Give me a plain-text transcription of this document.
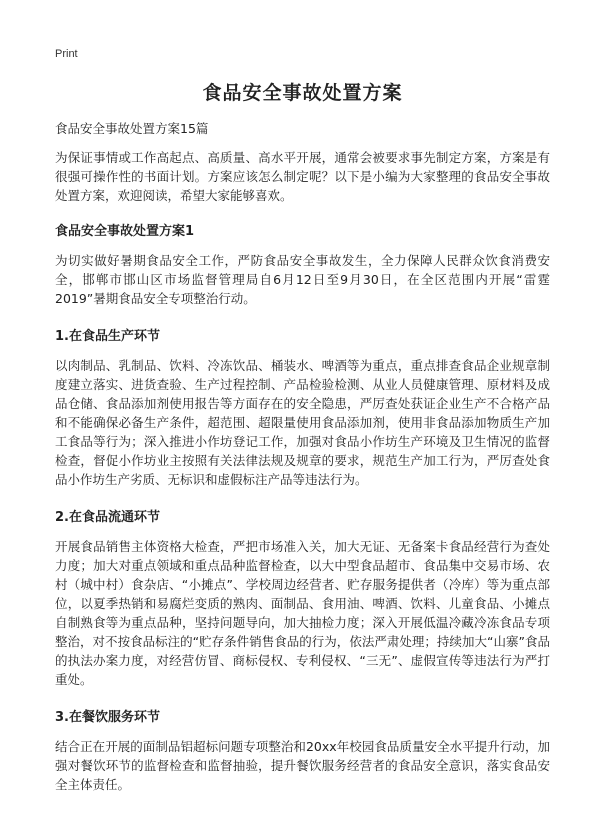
Print
食品安全事故处置方案
食品安全事故处置方案15篇

为保证事情或工作高起点、高质量、高水平开展，通常会被要求事先制定方案，方案是有很强可操作性的书面计划。方案应该怎么制定呢？以下是小编为大家整理的食品安全事故处置方案，欢迎阅读，希望大家能够喜欢。

食品安全事故处置方案1

为切实做好暑期食品安全工作，严防食品安全事故发生，全力保障人民群众饮食消费安全，邯郸市邯山区市场监督管理局自6月12日至9月30日，在全区范围内开展“雷霆2019”暑期食品安全专项整治行动。

1.在食品生产环节

以肉制品、乳制品、饮料、冷冻饮品、桶装水、啤酒等为重点，重点排查食品企业规章制度建立落实、进货查验、生产过程控制、产品检验检测、从业人员健康管理、原材料及成品仓储、食品添加剂使用报告等方面存在的安全隐患，严厉查处获证企业生产不合格产品和不能确保必备生产条件，超范围、超限量使用食品添加剂，使用非食品添加物质生产加工食品等行为；深入推进小作坊登记工作，加强对食品小作坊生产环境及卫生情况的监督检查，督促小作坊业主按照有关法律法规及规章的要求，规范生产加工行为，严厉查处食品小作坊生产劣质、无标识和虚假标注产品等违法行为。

2.在食品流通环节

开展食品销售主体资格大检查，严把市场准入关，加大无证、无备案卡食品经营行为查处力度；加大对重点领域和重点品种监督检查，以大中型食品超市、食品集中交易市场、农村（城中村）食杂店、“小摊点”、学校周边经营者、贮存服务提供者（冷库）等为重点部位，以夏季热销和易腐烂变质的熟肉、面制品、食用油、啤酒、饮料、儿童食品、小摊点自制熟食等为重点品种，坚持问题导向，加大抽检力度；深入开展低温冷藏冷冻食品专项整治，对不按食品标注的“贮存条件销售食品的行为，依法严肃处理；持续加大“山寨”食品的执法办案力度，对经营仿冒、商标侵权、专利侵权、“三无”、虚假宣传等违法行为严打重处。

3.在餐饮服务环节

结合正在开展的面制品铝超标问题专项整治和20xx年校园食品质量安全水平提升行动，加强对餐饮环节的监督检查和监督抽验，提升餐饮服务经营者的食品安全意识，落实食品安全主体责任。
